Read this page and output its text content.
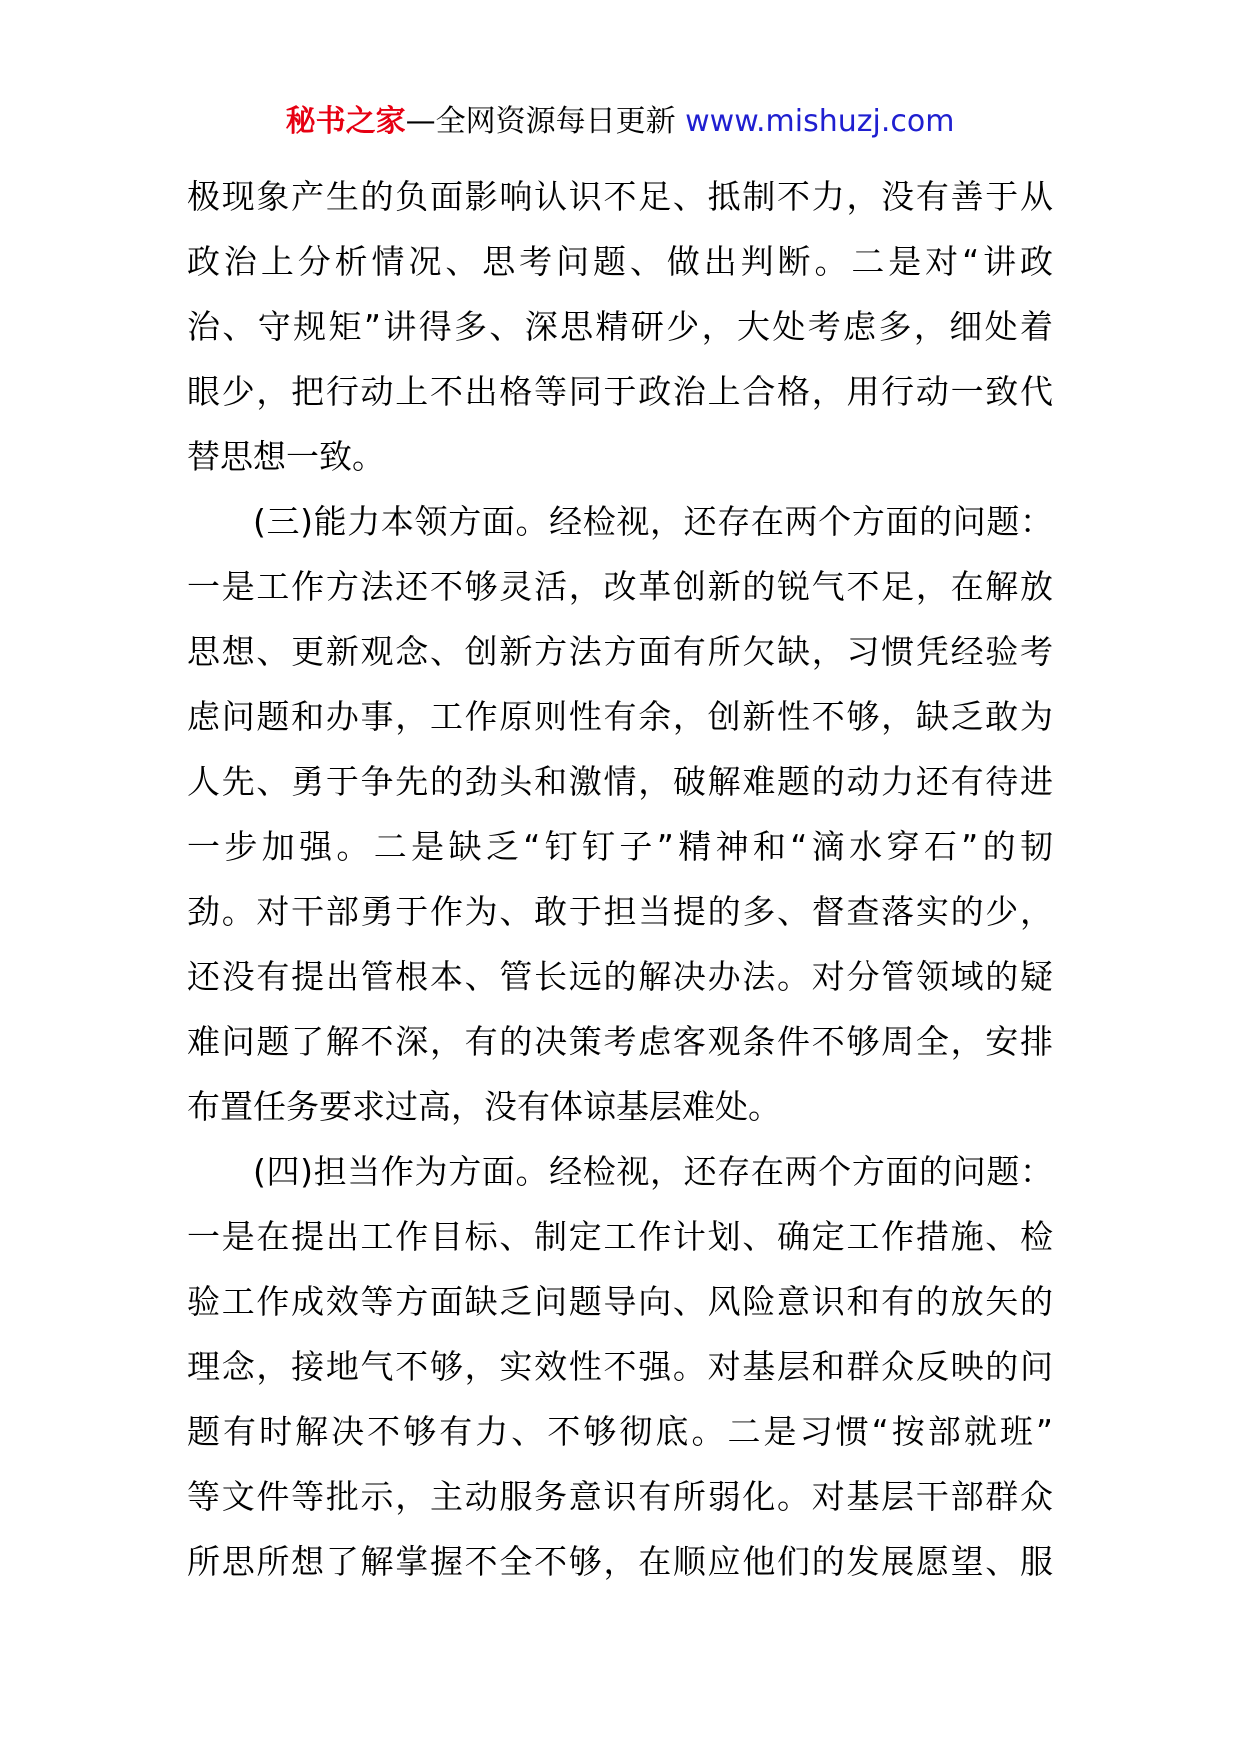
秘书之家—全网资源每日更新 www.mishuzj.com
极现象产生的负面影响认识不足、抵制不力，没有善于从
政治上分析情况、思考问题、做出判断。二是对“讲政
治、守规矩”讲得多、深思精研少，大处考虑多，细处着
眼少，把行动上不出格等同于政治上合格，用行动一致代
替思想一致。
(三)能力本领方面。经检视，还存在两个方面的问题：
一是工作方法还不够灵活，改革创新的锐气不足，在解放
思想、更新观念、创新方法方面有所欠缺，习惯凭经验考
虑问题和办事，工作原则性有余，创新性不够，缺乏敢为
人先、勇于争先的劲头和激情，破解难题的动力还有待进
一步加强。二是缺乏“钉钉子”精神和“滴水穿石”的韧
劲。对干部勇于作为、敢于担当提的多、督查落实的少，
还没有提出管根本、管长远的解决办法。对分管领域的疑
难问题了解不深，有的决策考虑客观条件不够周全，安排
布置任务要求过高，没有体谅基层难处。
(四)担当作为方面。经检视，还存在两个方面的问题：
一是在提出工作目标、制定工作计划、确定工作措施、检
验工作成效等方面缺乏问题导向、风险意识和有的放矢的
理念，接地气不够，实效性不强。对基层和群众反映的问
题有时解决不够有力、不够彻底。二是习惯“按部就班”
等文件等批示，主动服务意识有所弱化。对基层干部群众
所思所想了解掌握不全不够，在顺应他们的发展愿望、服
